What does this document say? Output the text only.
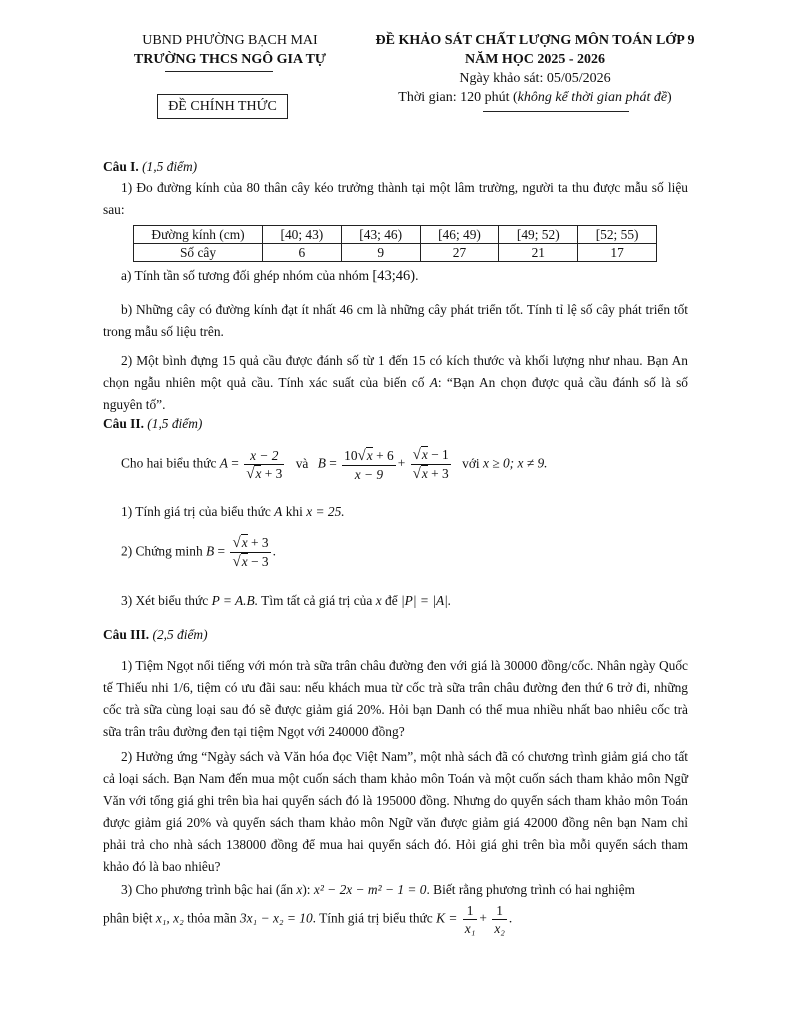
UBND PHƯỜNG BẠCH MAI
TRƯỜNG THCS NGÔ GIA TỰ
ĐỀ KHẢO SÁT CHẤT LƯỢNG MÔN TOÁN LỚP 9
NĂM HỌC 2025 - 2026
Ngày khảo sát: 05/05/2026
Thời gian: 120 phút (không kể thời gian phát đề)
ĐỀ CHÍNH THỨC
Câu I. (1,5 điểm)

1) Đo đường kính của 80 thân cây kéo trưởng thành tại một lâm trường, người ta thu được mẫu số liệu sau:

Đường kính (cm)	[40; 43)	[43; 46)	[46; 49)	[49; 52)	[52; 55)
Số cây	6	9	27	21	17
a) Tính tần số tương đối ghép nhóm của nhóm [43;46).

b) Những cây có đường kính đạt ít nhất 46 cm là những cây phát triển tốt. Tính tỉ lệ số cây phát triển tốt trong mẫu số liệu trên.

2) Một bình đựng 15 quả cầu được đánh số từ 1 đến 15 có kích thước và khối lượng như nhau. Bạn An chọn ngẫu nhiên một quả cầu. Tính xác suất của biến cố A: “Bạn An chọn được quả cầu đánh số là số nguyên tố”.

Câu II. (1,5 điểm)
Cho hai biểu thức $A = \frac{x - 2}{√x + 3}$ và $B = \frac{10√x + 6}{x - 9} + \frac{√x - 1}{√x + 3}$ với x ≥ 0; x ≠ 9.
1) Tính giá trị của biểu thức A khi x = 25.
2) Chứng minh $B = \frac{√x + 3}{√x - 3}$ .
3) Xét biểu thức P = A.B. Tìm tất cả giá trị của x để |P| = |A|.
Câu III. (2,5 điểm)

1) Tiệm Ngọt nổi tiếng với món trà sữa trân châu đường đen với giá là 30000 đồng/cốc. Nhân ngày Quốc tế Thiếu nhi 1/6, tiệm có ưu đãi sau: nếu khách mua từ cốc trà sữa trân châu đường đen thứ 6 trở đi, những cốc trà sữa cùng loại sau đó sẽ được giảm giá 20%. Hỏi bạn Danh có thể mua nhiều nhất bao nhiêu cốc trà sữa trân trâu đường đen tại tiệm Ngọt với 240000 đồng?

2) Hưởng ứng “Ngày sách và Văn hóa đọc Việt Nam”, một nhà sách đã có chương trình giảm giá cho tất cả loại sách. Bạn Nam đến mua một cuốn sách tham khảo môn Toán và một cuốn sách tham khảo môn Ngữ Văn với tổng giá ghi trên bìa hai quyển sách đó là 195000 đồng. Nhưng do quyển sách tham khảo môn Toán được giảm giá 20% và quyển sách tham khảo môn Ngữ văn được giảm giá 42000 đồng nên bạn Nam chỉ phải trả cho nhà sách 138000 đồng để mua hai quyển sách đó. Hỏi giá ghi trên bìa mỗi quyển sách tham khảo đó là bao nhiêu?

3) Cho phương trình bậc hai (ẩn x): x² − 2x − m² − 1 = 0. Biết rằng phương trình có hai nghiệm
phân biệt x₁, x₂ thỏa mãn 3x₁ − x₂ = 10. Tính giá trị biểu thức $K = \frac{1}{\text{x₁}} + \frac{1}{\text{x₂}}$ .
